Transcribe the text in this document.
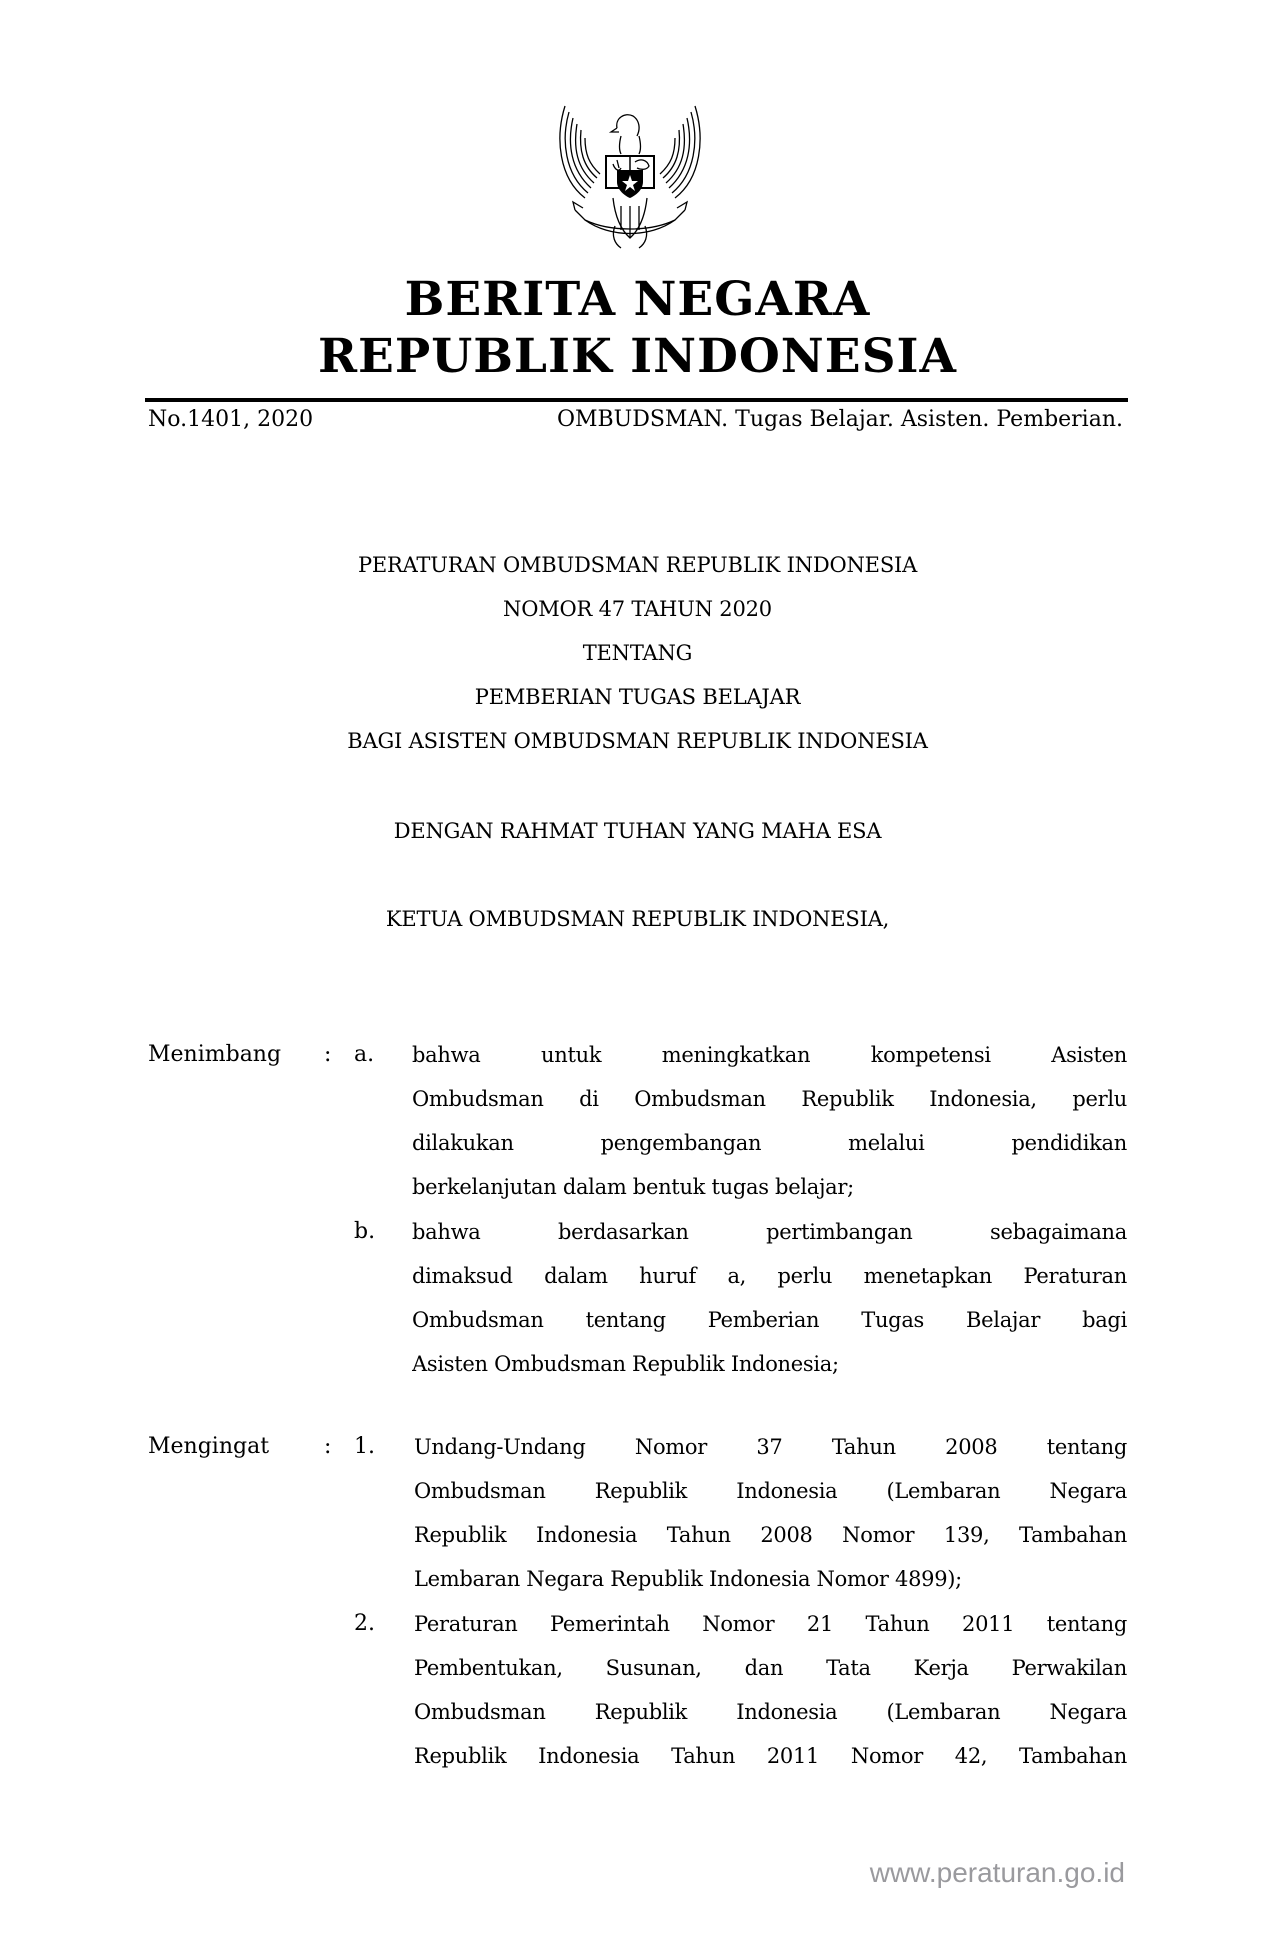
BERITA NEGARA
REPUBLIK INDONESIA
No.1401, 2020	OMBUDSMAN. Tugas Belajar. Asisten. Pemberian.
PERATURAN OMBUDSMAN REPUBLIK INDONESIA
NOMOR 47 TAHUN 2020
TENTANG
PEMBERIAN TUGAS BELAJAR
BAGI ASISTEN OMBUDSMAN REPUBLIK INDONESIA
DENGAN RAHMAT TUHAN YANG MAHA ESA
KETUA OMBUDSMAN REPUBLIK INDONESIA,
Menimbang : a. bahwa untuk meningkatkan kompetensi Asisten
Ombudsman di Ombudsman Republik Indonesia, perlu
dilakukan pengembangan melalui pendidikan
berkelanjutan dalam bentuk tugas belajar;
b. bahwa berdasarkan pertimbangan sebagaimana
dimaksud dalam huruf a, perlu menetapkan Peraturan
Ombudsman tentang Pemberian Tugas Belajar bagi
Asisten Ombudsman Republik Indonesia;
Mengingat : 1. Undang-Undang Nomor 37 Tahun 2008 tentang
Ombudsman Republik Indonesia (Lembaran Negara
Republik Indonesia Tahun 2008 Nomor 139, Tambahan
Lembaran Negara Republik Indonesia Nomor 4899);
2. Peraturan Pemerintah Nomor 21 Tahun 2011 tentang
Pembentukan, Susunan, dan Tata Kerja Perwakilan
Ombudsman Republik Indonesia (Lembaran Negara
Republik Indonesia Tahun 2011 Nomor 42, Tambahan
www.peraturan.go.id
